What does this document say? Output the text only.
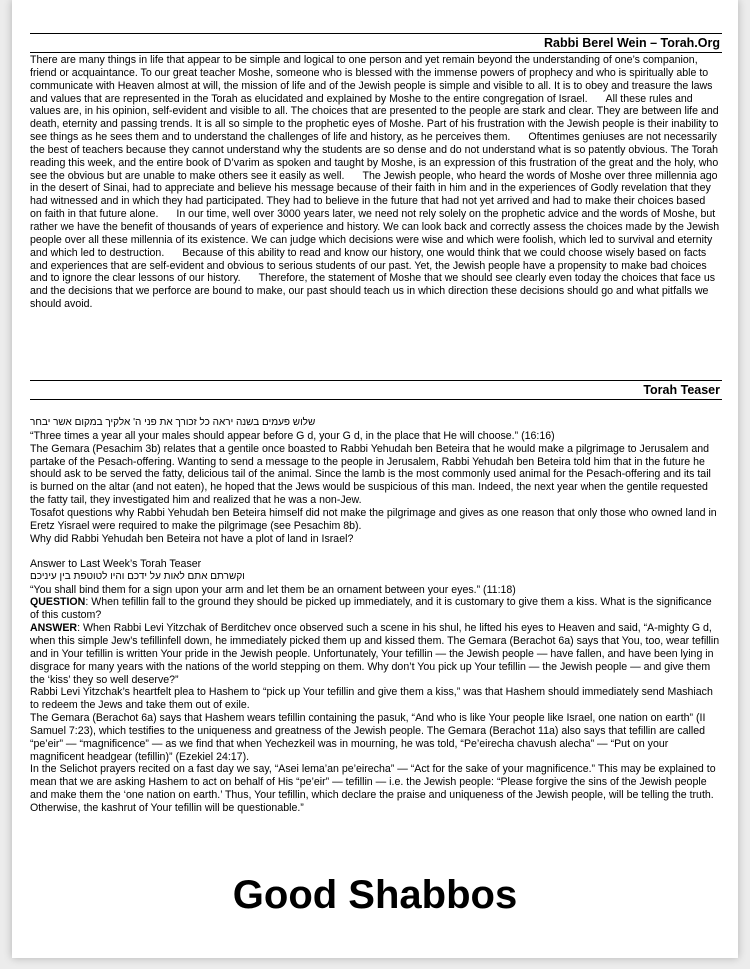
Rabbi Berel Wein – Torah.Org
There are many things in life that appear to be simple and logical to one person and yet remain beyond the understanding of one’s companion, friend or acquaintance. To our great teacher Moshe, someone who is blessed with the immense powers of prophecy and who is spiritually able to communicate with Heaven almost at will, the mission of life and of the Jewish people is simple and visible to all. It is to obey and treasure the laws and values that are represented in the Torah as elucidated and explained by Moshe to the entire congregation of Israel. All these rules and values are, in his opinion, self-evident and visible to all. The choices that are presented to the people are stark and clear. They are between life and death, eternity and passing trends. It is all so simple to the prophetic eyes of Moshe. Part of his frustration with the Jewish people is their inability to see things as he sees them and to understand the challenges of life and history, as he perceives them. Oftentimes geniuses are not necessarily the best of teachers because they cannot understand why the students are so dense and do not understand what is so patently obvious. The Torah reading this week, and the entire book of D’varim as spoken and taught by Moshe, is an expression of this frustration of the great and the holy, who see the obvious but are unable to make others see it easily as well. The Jewish people, who heard the words of Moshe over three millennia ago in the desert of Sinai, had to appreciate and believe his message because of their faith in him and in the experiences of Godly revelation that they had witnessed and in which they had participated. They had to believe in the future that had not yet arrived and had to make their choices based on faith in that future alone. In our time, well over 3000 years later, we need not rely solely on the prophetic advice and the words of Moshe, but rather we have the benefit of thousands of years of experience and history. We can look back and correctly assess the choices made by the Jewish people over all these millennia of its existence. We can judge which decisions were wise and which were foolish, which led to survival and eternity and which led to destruction. Because of this ability to read and know our history, one would think that we could choose wisely based on facts and experiences that are self-evident and obvious to serious students of our past. Yet, the Jewish people have a propensity to make bad choices and to ignore the clear lessons of our history. Therefore, the statement of Moshe that we should see clearly even today the choices that face us and the decisions that we perforce are bound to make, our past should teach us in which direction these decisions should go and what pitfalls we should avoid.
Torah Teaser

שלוש פעמים בשנה יראה כל זכורך את פני ה' אלקיך במקום אשר יבחר

“Three times a year all your males should appear before G d, your G d, in the place that He will choose.” (16:16)

The Gemara (Pesachim 3b) relates that a gentile once boasted to Rabbi Yehudah ben Beteira that he would make a pilgrimage to Jerusalem and partake of the Pesach-offering. Wanting to send a message to the people in Jerusalem, Rabbi Yehudah ben Beteira told him that in the future he should ask to be served the fatty, delicious tail of the animal. Since the lamb is the most commonly used animal for the Pesach-offering and its tail is burned on the altar (and not eaten), he hoped that the Jews would be suspicious of this man. Indeed, the next year when the gentile requested the fatty tail, they investigated him and realized that he was a non-Jew.

Tosafot questions why Rabbi Yehudah ben Beteira himself did not make the pilgrimage and gives as one reason that only those who owned land in Eretz Yisrael were required to make the pilgrimage (see Pesachim 8b).

Why did Rabbi Yehudah ben Beteira not have a plot of land in Israel?

Answer to Last Week’s Torah Teaser

וקשרתם אתם לאות על ידכם והיו לטוטפת בין עיניכם

“You shall bind them for a sign upon your arm and let them be an ornament between your eyes.” (11:18)

QUESTION: When tefillin fall to the ground they should be picked up immediately, and it is customary to give them a kiss. What is the significance of this custom?

ANSWER: When Rabbi Levi Yitzchak of Berditchev once observed such a scene in his shul, he lifted his eyes to Heaven and said, “A-mighty G d, when this simple Jew’s tefillinfell down, he immediately picked them up and kissed them. The Gemara (Berachot 6a) says that You, too, wear tefillin and in Your tefillin is written Your pride in the Jewish people. Unfortunately, Your tefillin — the Jewish people — have fallen, and have been lying in disgrace for many years with the nations of the world stepping on them. Why don’t You pick up Your tefillin — the Jewish people — and give them the ‘kiss’ they so well deserve?”

Rabbi Levi Yitzchak’s heartfelt plea to Hashem to “pick up Your tefillin and give them a kiss,” was that Hashem should immediately send Mashiach to redeem the Jews and take them out of exile.

The Gemara (Berachot 6a) says that Hashem wears tefillin containing the pasuk, “And who is like Your people like Israel, one nation on earth” (II Samuel 7:23), which testifies to the uniqueness and greatness of the Jewish people. The Gemara (Berachot 11a) also says that tefillin are called “pe’eir” — “magnificence” — as we find that when Yechezkeil was in mourning, he was told, “Pe’eirecha chavush alecha” — “Put on your magnificent headgear (tefillin)” (Ezekiel 24:17).

In the Selichot prayers recited on a fast day we say, “Asei lema’an pe’eirecha” — “Act for the sake of your magnificence.” This may be explained to mean that we are asking Hashem to act on behalf of His “pe’eir” — tefillin — i.e. the Jewish people: “Please forgive the sins of the Jewish people and make them the ‘one nation on earth.’ Thus, Your tefillin, which declare the praise and uniqueness of the Jewish people, will be telling the truth. Otherwise, the kashrut of Your tefillin will be questionable.”

Good Shabbos
